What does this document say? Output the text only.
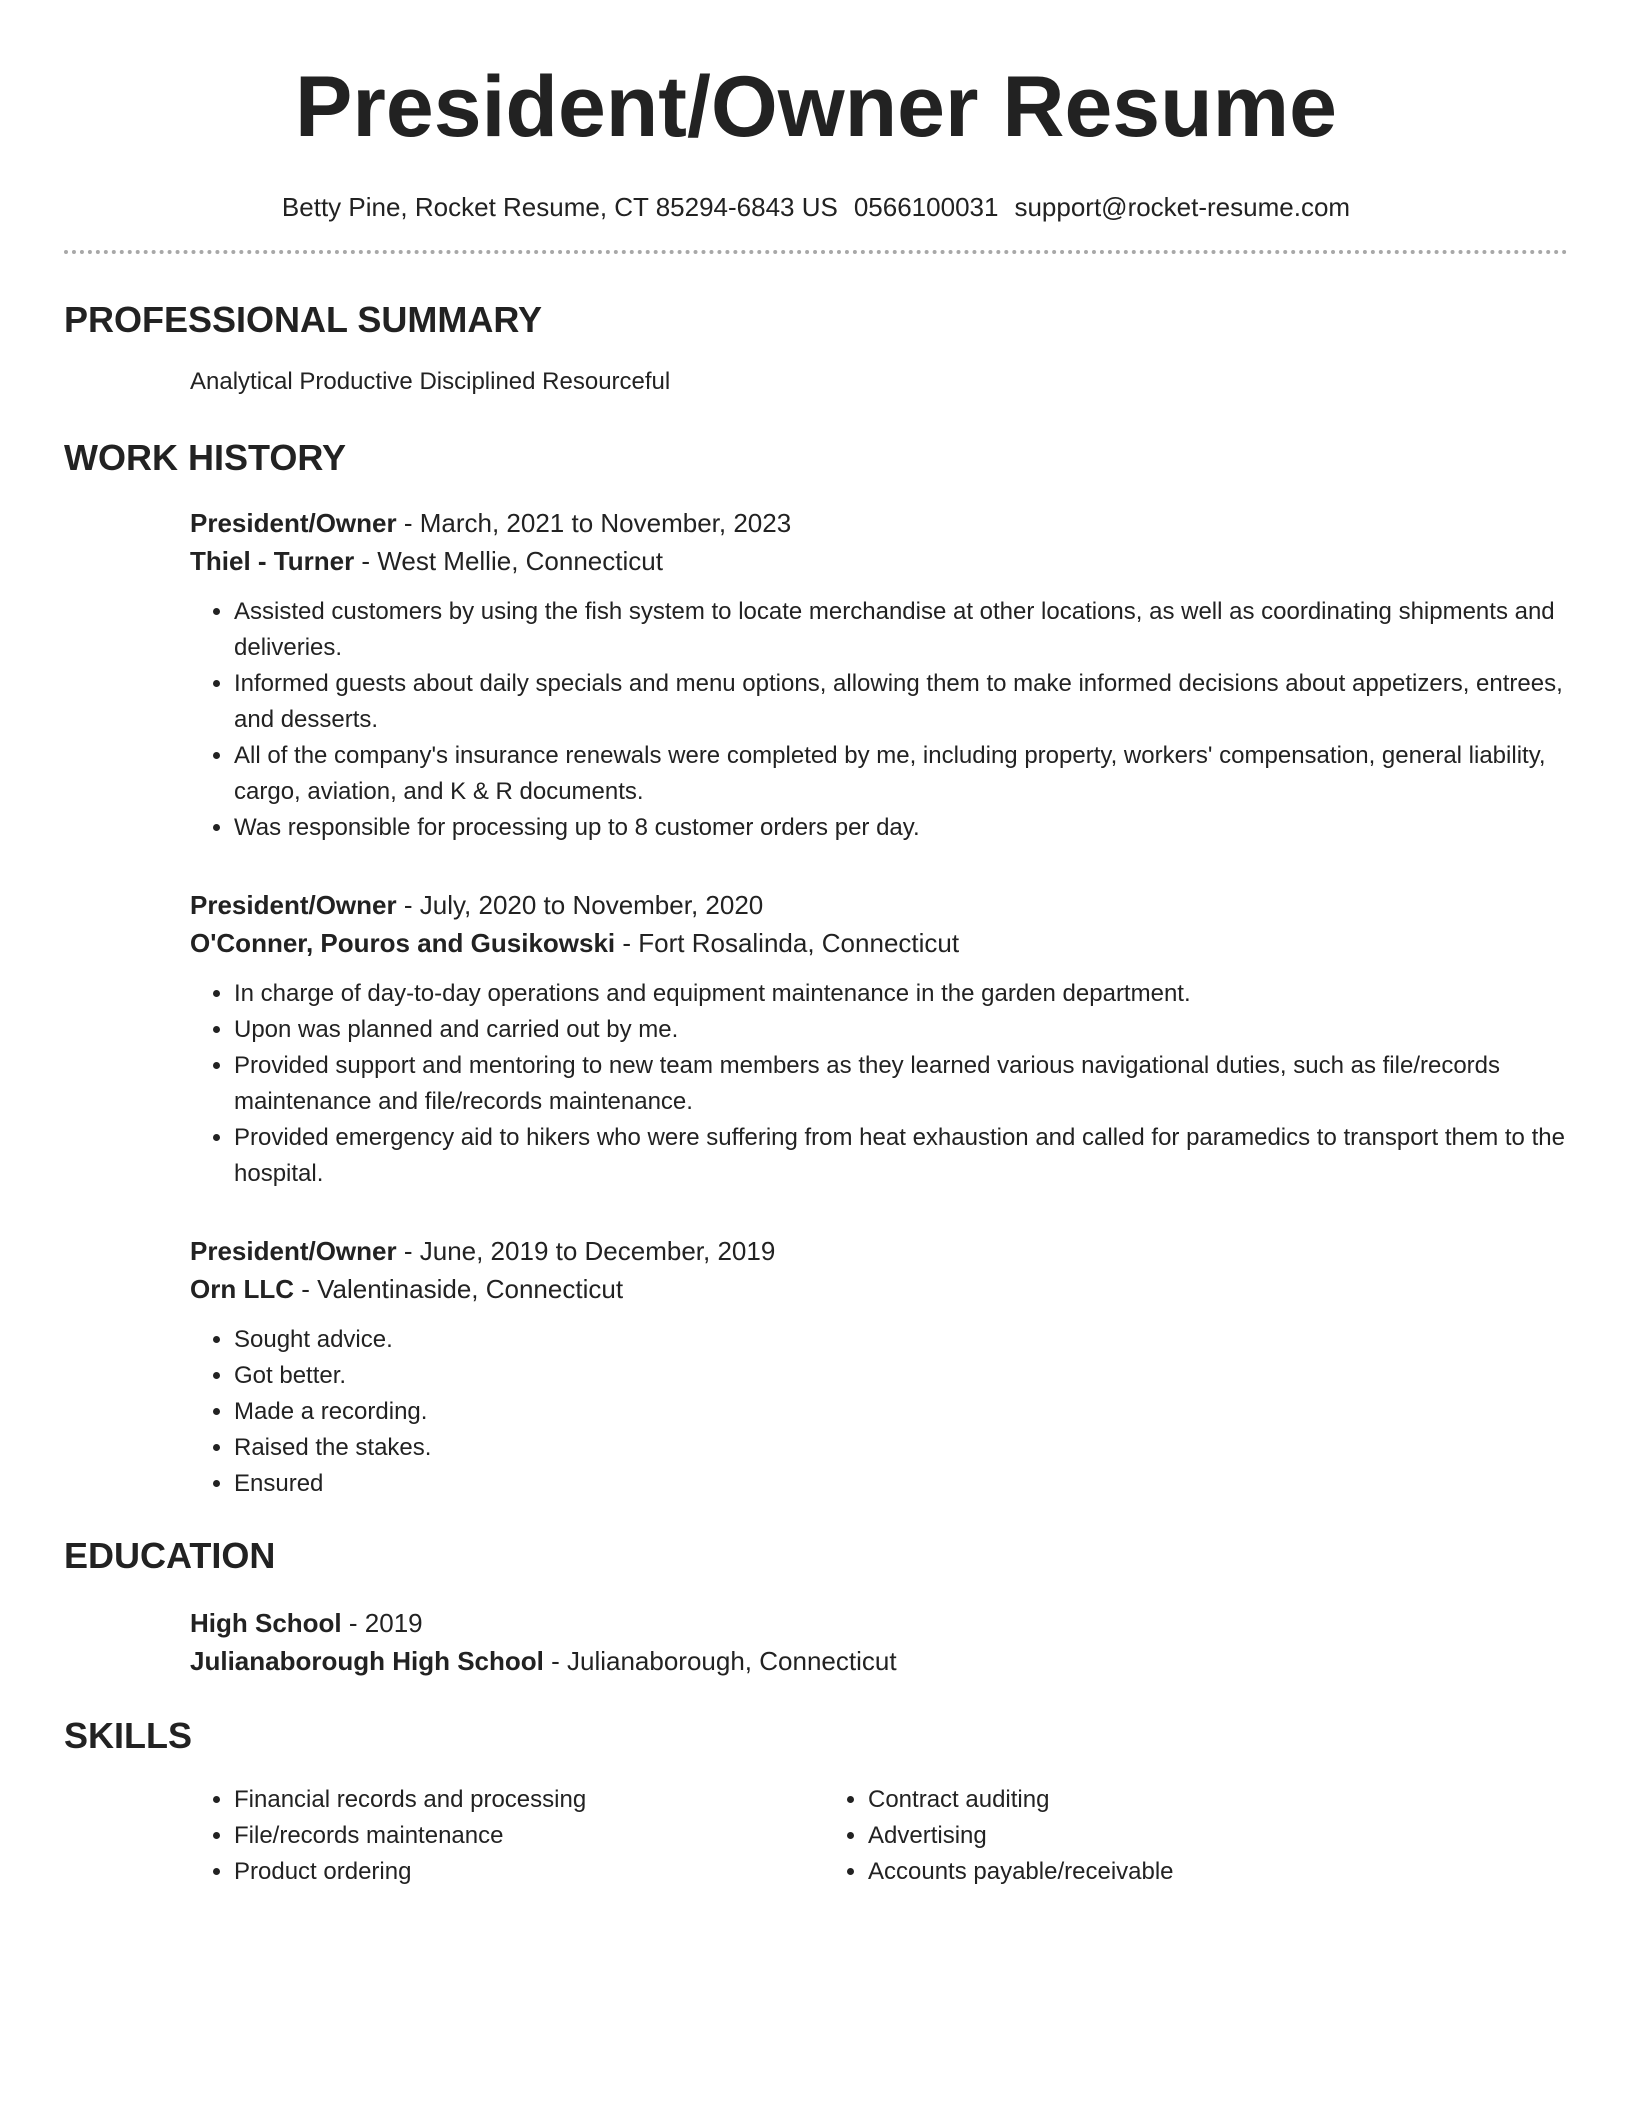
President/Owner Resume
Betty Pine, Rocket Resume, CT 85294-6843 US 0566100031 support@rocket-resume.com
PROFESSIONAL SUMMARY
Analytical Productive Disciplined Resourceful
WORK HISTORY
President/Owner - March, 2021 to November, 2023
Thiel - Turner - West Mellie, Connecticut
• Assisted customers by using the fish system to locate merchandise at other locations, as well as coordinating shipments and deliveries.
• Informed guests about daily specials and menu options, allowing them to make informed decisions about appetizers, entrees, and desserts.
• All of the company's insurance renewals were completed by me, including property, workers' compensation, general liability, cargo, aviation, and K & R documents.
• Was responsible for processing up to 8 customer orders per day.
President/Owner - July, 2020 to November, 2020
O'Conner, Pouros and Gusikowski - Fort Rosalinda, Connecticut
• In charge of day-to-day operations and equipment maintenance in the garden department.
• Upon was planned and carried out by me.
• Provided support and mentoring to new team members as they learned various navigational duties, such as file/records maintenance and file/records maintenance.
• Provided emergency aid to hikers who were suffering from heat exhaustion and called for paramedics to transport them to the hospital.
President/Owner - June, 2019 to December, 2019
Orn LLC - Valentinaside, Connecticut
• Sought advice.
• Got better.
• Made a recording.
• Raised the stakes.
• Ensured
EDUCATION
High School - 2019
Julianaborough High School - Julianaborough, Connecticut
SKILLS
• Financial records and processing
• File/records maintenance
• Product ordering
• Contract auditing
• Advertising
• Accounts payable/receivable
